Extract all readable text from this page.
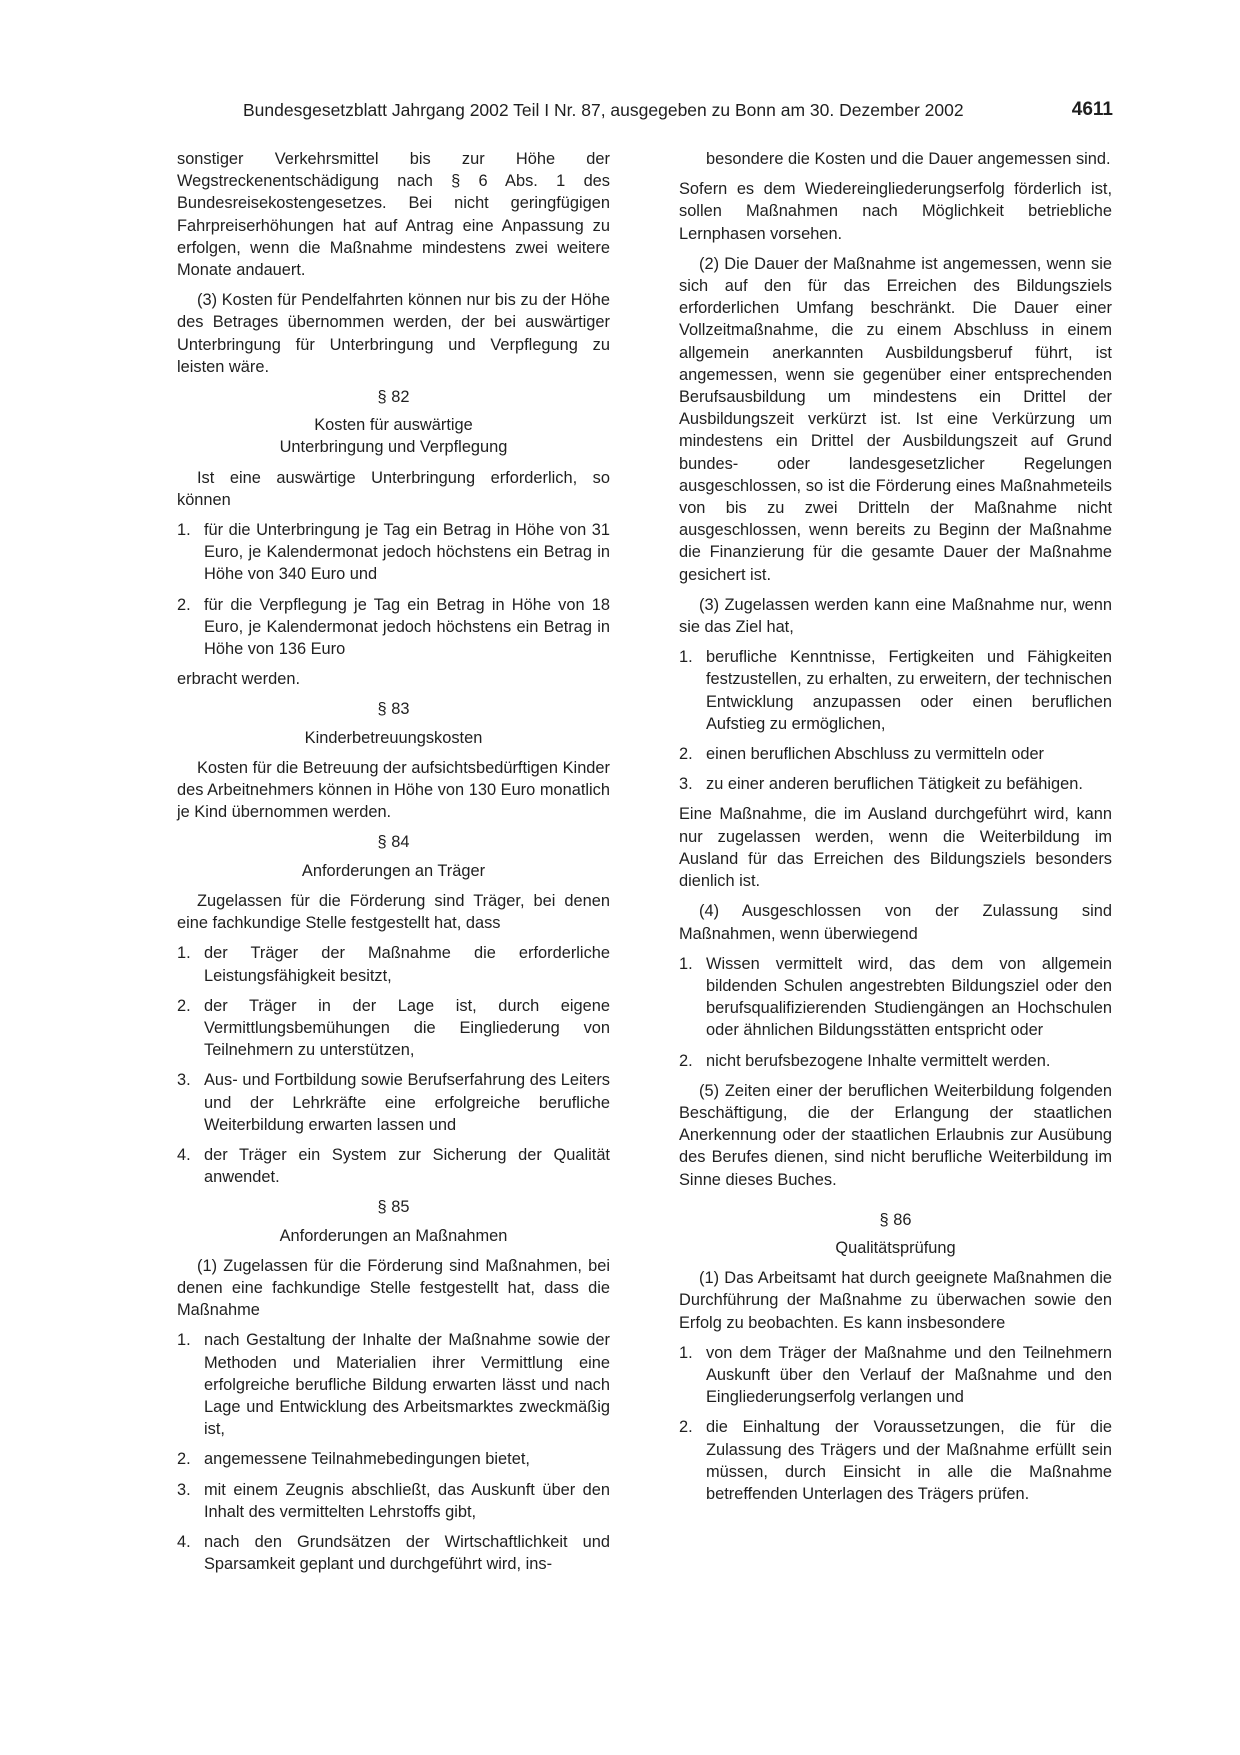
Bundesgesetzblatt Jahrgang 2002 Teil I Nr. 87, ausgegeben zu Bonn am 30. Dezember 2002	4611

sonstiger Verkehrsmittel bis zur Höhe der Wegstreckenentschädigung nach § 6 Abs. 1 des Bundesreisekostengesetzes. Bei nicht geringfügigen Fahrpreiserhöhungen hat auf Antrag eine Anpassung zu erfolgen, wenn die Maßnahme mindestens zwei weitere Monate andauert.

(3) Kosten für Pendelfahrten können nur bis zu der Höhe des Betrages übernommen werden, der bei auswärtiger Unterbringung für Unterbringung und Verpflegung zu leisten wäre.

§ 82
Kosten für auswärtige
Unterbringung und Verpflegung

Ist eine auswärtige Unterbringung erforderlich, so können

1. für die Unterbringung je Tag ein Betrag in Höhe von 31 Euro, je Kalendermonat jedoch höchstens ein Betrag in Höhe von 340 Euro und
2. für die Verpflegung je Tag ein Betrag in Höhe von 18 Euro, je Kalendermonat jedoch höchstens ein Betrag in Höhe von 136 Euro

erbracht werden.

§ 83
Kinderbetreuungskosten

Kosten für die Betreuung der aufsichtsbedürftigen Kinder des Arbeitnehmers können in Höhe von 130 Euro monatlich je Kind übernommen werden.

§ 84
Anforderungen an Träger

Zugelassen für die Förderung sind Träger, bei denen eine fachkundige Stelle festgestellt hat, dass

1. der Träger der Maßnahme die erforderliche Leistungsfähigkeit besitzt,
2. der Träger in der Lage ist, durch eigene Vermittlungsbemühungen die Eingliederung von Teilnehmern zu unterstützen,
3. Aus- und Fortbildung sowie Berufserfahrung des Leiters und der Lehrkräfte eine erfolgreiche berufliche Weiterbildung erwarten lassen und
4. der Träger ein System zur Sicherung der Qualität anwendet.
§ 85
Anforderungen an Maßnahmen

(1) Zugelassen für die Förderung sind Maßnahmen, bei denen eine fachkundige Stelle festgestellt hat, dass die Maßnahme

1. nach Gestaltung der Inhalte der Maßnahme sowie der Methoden und Materialien ihrer Vermittlung eine erfolgreiche berufliche Bildung erwarten lässt und nach Lage und Entwicklung des Arbeitsmarktes zweckmäßig ist,
2. angemessene Teilnahmebedingungen bietet,
3. mit einem Zeugnis abschließt, das Auskunft über den Inhalt des vermittelten Lehrstoffs gibt,
4. nach den Grundsätzen der Wirtschaftlichkeit und Sparsamkeit geplant und durchgeführt wird, ins-

besondere die Kosten und die Dauer angemessen sind.

Sofern es dem Wiedereingliederungserfolg förderlich ist, sollen Maßnahmen nach Möglichkeit betriebliche Lernphasen vorsehen.

(2) Die Dauer der Maßnahme ist angemessen, wenn sie sich auf den für das Erreichen des Bildungsziels erforderlichen Umfang beschränkt. Die Dauer einer Vollzeitmaßnahme, die zu einem Abschluss in einem allgemein anerkannten Ausbildungsberuf führt, ist angemessen, wenn sie gegenüber einer entsprechenden Berufsausbildung um mindestens ein Drittel der Ausbildungszeit verkürzt ist. Ist eine Verkürzung um mindestens ein Drittel der Ausbildungszeit auf Grund bundes- oder landesgesetzlicher Regelungen ausgeschlossen, so ist die Förderung eines Maßnahmeteils von bis zu zwei Dritteln der Maßnahme nicht ausgeschlossen, wenn bereits zu Beginn der Maßnahme die Finanzierung für die gesamte Dauer der Maßnahme gesichert ist.

(3) Zugelassen werden kann eine Maßnahme nur, wenn sie das Ziel hat,

1. berufliche Kenntnisse, Fertigkeiten und Fähigkeiten festzustellen, zu erhalten, zu erweitern, der technischen Entwicklung anzupassen oder einen beruflichen Aufstieg zu ermöglichen,
2. einen beruflichen Abschluss zu vermitteln oder
3. zu einer anderen beruflichen Tätigkeit zu befähigen.

Eine Maßnahme, die im Ausland durchgeführt wird, kann nur zugelassen werden, wenn die Weiterbildung im Ausland für das Erreichen des Bildungsziels besonders dienlich ist.

(4) Ausgeschlossen von der Zulassung sind Maßnahmen, wenn überwiegend

1. Wissen vermittelt wird, das dem von allgemein bildenden Schulen angestrebten Bildungsziel oder den berufsqualifizierenden Studiengängen an Hochschulen oder ähnlichen Bildungsstätten entspricht oder
2. nicht berufsbezogene Inhalte vermittelt werden.

(5) Zeiten einer der beruflichen Weiterbildung folgenden Beschäftigung, die der Erlangung der staatlichen Anerkennung oder der staatlichen Erlaubnis zur Ausübung des Berufes dienen, sind nicht berufliche Weiterbildung im Sinne dieses Buches.

§ 86
Qualitätsprüfung

(1) Das Arbeitsamt hat durch geeignete Maßnahmen die Durchführung der Maßnahme zu überwachen sowie den Erfolg zu beobachten. Es kann insbesondere

1. von dem Träger der Maßnahme und den Teilnehmern Auskunft über den Verlauf der Maßnahme und den Eingliederungserfolg verlangen und
2. die Einhaltung der Voraussetzungen, die für die Zulassung des Trägers und der Maßnahme erfüllt sein müssen, durch Einsicht in alle die Maßnahme betreffenden Unterlagen des Trägers prüfen.
